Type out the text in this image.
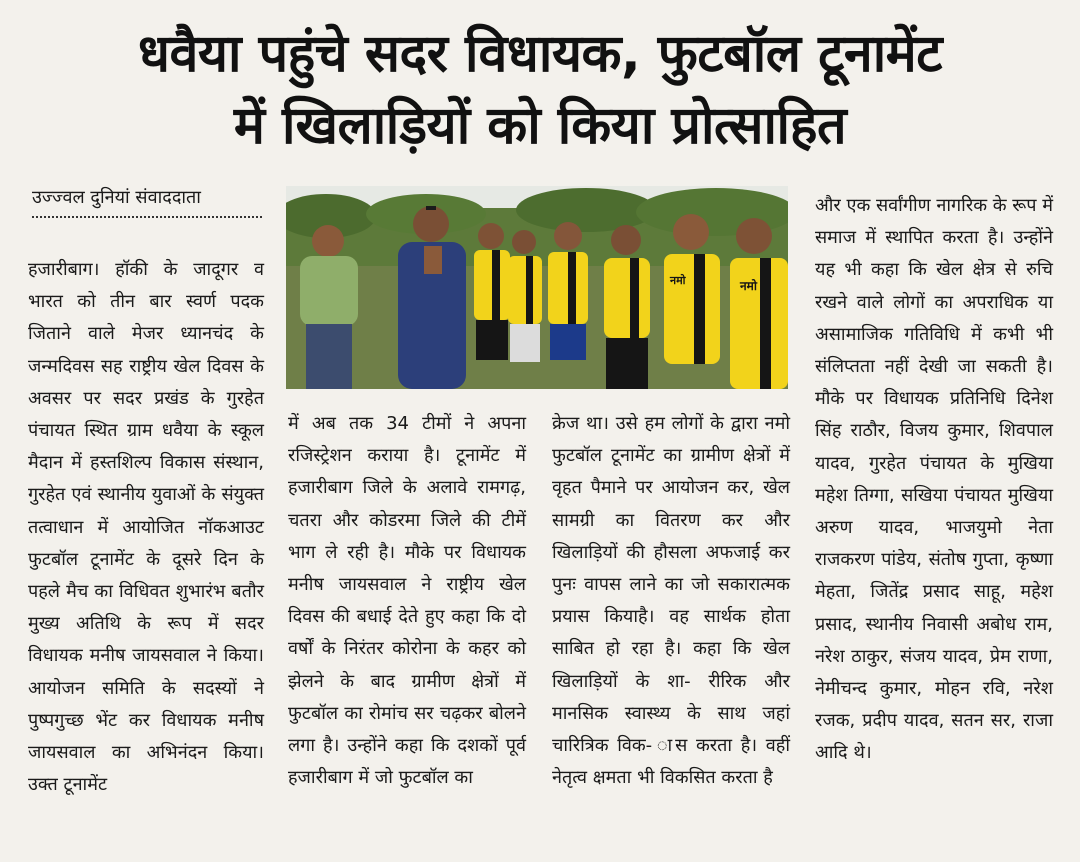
धवैया पहुंचे सदर विधायक, फुटबॉल टूनामेंट
में खिलाड़ियों को किया प्रोत्साहित
उज्ज्वल दुनियां संवाददाता
नमो	नमो

हजारीबाग। हॉकी के जादूगर व भारत को तीन बार स्वर्ण पदक जिताने वाले मेजर ध्यानचंद के जन्मदिवस सह राष्ट्रीय खेल दिवस के अवसर पर सदर प्रखंड के गुरहेत पंचायत स्थित ग्राम धवैया के स्कूल मैदान में हस्तशिल्प विकास संस्थान, गुरहेत एवं स्थानीय युवाओं के संयुक्त तत्वाधान में आयोजित नॉकआउट फुटबॉल टूनामेंट के दूसरे दिन के पहले मैच का विधिवत शुभारंभ बतौर मुख्य अतिथि के रूप में सदर विधायक मनीष जायसवाल ने किया। आयोजन समिति के सदस्यों ने पुष्पगुच्छ भेंट कर विधायक मनीष जायसवाल का अभिनंदन किया। उक्त टूनामेंट

में अब तक 34 टीमों ने अपना रजिस्ट्रेशन कराया है। टूनामेंट में हजारीबाग जिले के अलावे रामगढ़, चतरा और कोडरमा जिले की टीमें भाग ले रही है। मौके पर विधायक मनीष जायसवाल ने राष्ट्रीय खेल दिवस की बधाई देते हुए कहा कि दो वर्षों के निरंतर कोरोना के कहर को झेलने के बाद ग्रामीण क्षेत्रों में फुटबॉल का रोमांच सर चढ़कर बोलने लगा है। उन्होंने कहा कि दशकों पूर्व हजारीबाग में जो फुटबॉल का

क्रेज था। उसे हम लोगों के द्वारा नमो फुटबॉल टूनामेंट का ग्रामीण क्षेत्रों में वृहत पैमाने पर आयोजन कर, खेल सामग्री का वितरण कर और खिलाड़ियों की हौसला अफजाई कर पुनः वापस लाने का जो सकारात्मक प्रयास कियाहै। वह सार्थक होता साबित हो रहा है। कहा कि खेल खिलाड़ियों के शा- रीरिक और मानसिक स्वास्थ्य के साथ जहां चारित्रिक विक- ास करता है। वहीं नेतृत्व क्षमता भी विकसित करता है

और एक सर्वांगीण नागरिक के रूप में समाज में स्थापित करता है। उन्होंने यह भी कहा कि खेल क्षेत्र से रुचि रखने वाले लोगों का अपराधिक या असामाजिक गतिविधि में कभी भी संलिप्तता नहीं देखी जा सकती है। मौके पर विधायक प्रतिनिधि दिनेश सिंह राठौर, विजय कुमार, शिवपाल यादव, गुरहेत पंचायत के मुखिया महेश तिग्गा, सखिया पंचायत मुखिया अरुण यादव, भाजयुमो नेता राजकरण पांडेय, संतोष गुप्ता, कृष्णा मेहता, जितेंद्र प्रसाद साहू, महेश प्रसाद, स्थानीय निवासी अबोध राम, नरेश ठाकुर, संजय यादव, प्रेम राणा, नेमीचन्द कुमार, मोहन रवि, नरेश रजक, प्रदीप यादव, सतन सर, राजा आदि थे।
